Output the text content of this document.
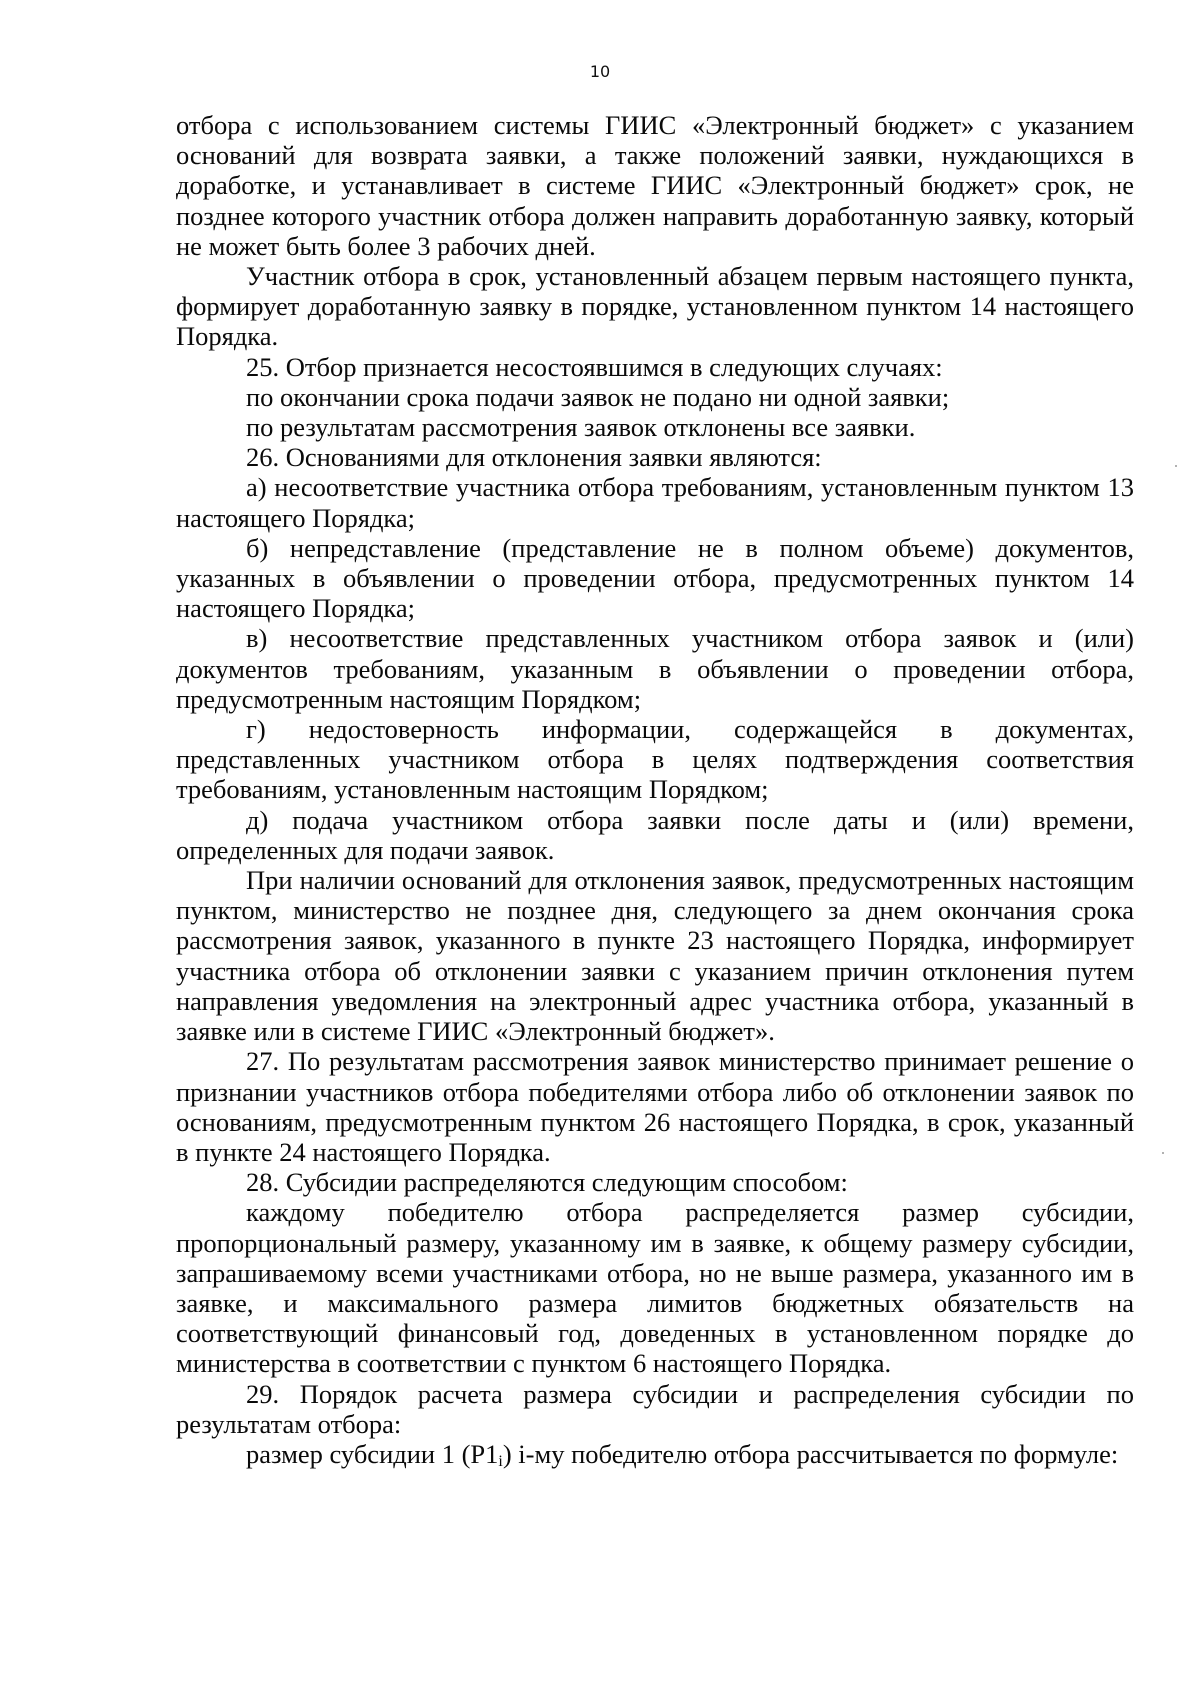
10

отбора с использованием системы ГИИС «Электронный бюджет» с указанием оснований для возврата заявки, а также положений заявки, нуждающихся в доработке, и устанавливает в системе ГИИС «Электронный бюджет» срок, не позднее которого участник отбора должен направить доработанную заявку, который не может быть более 3 рабочих дней.

Участник отбора в срок, установленный абзацем первым настоящего пункта, формирует доработанную заявку в порядке, установленном пунктом 14 настоящего Порядка.

25. Отбор признается несостоявшимся в следующих случаях:

по окончании срока подачи заявок не подано ни одной заявки;

по результатам рассмотрения заявок отклонены все заявки.

26. Основаниями для отклонения заявки являются:

а) несоответствие участника отбора требованиям, установленным пунктом 13 настоящего Порядка;

б) непредставление (представление не в полном объеме) документов, указанных в объявлении о проведении отбора, предусмотренных пунктом 14 настоящего Порядка;

в) несоответствие представленных участником отбора заявок и (или) документов требованиям, указанным в объявлении о проведении отбора, предусмотренным настоящим Порядком;

г) недостоверность информации, содержащейся в документах, представленных участником отбора в целях подтверждения соответствия требованиям, установленным настоящим Порядком;

д) подача участником отбора заявки после даты и (или) времени, определенных для подачи заявок.

При наличии оснований для отклонения заявок, предусмотренных настоящим пунктом, министерство не позднее дня, следующего за днем окончания срока рассмотрения заявок, указанного в пункте 23 настоящего Порядка, информирует участника отбора об отклонении заявки с указанием причин отклонения путем направления уведомления на электронный адрес участника отбора, указанный в заявке или в системе ГИИС «Электронный бюджет».

27. По результатам рассмотрения заявок министерство принимает решение о признании участников отбора победителями отбора либо об отклонении заявок по основаниям, предусмотренным пунктом 26 настоящего Порядка, в срок, указанный в пункте 24 настоящего Порядка.

28. Субсидии распределяются следующим способом:

каждому победителю отбора распределяется размер субсидии, пропорциональный размеру, указанному им в заявке, к общему размеру субсидии, запрашиваемому всеми участниками отбора, но не выше размера, указанного им в заявке, и максимального размера лимитов бюджетных обязательств на соответствующий финансовый год, доведенных в установленном порядке до министерства в соответствии с пунктом 6 настоящего Порядка.

29. Порядок расчета размера субсидии и распределения субсидии по результатам отбора:

размер субсидии 1 $(P1_i)$ i-му победителю отбора рассчитывается по формуле:
